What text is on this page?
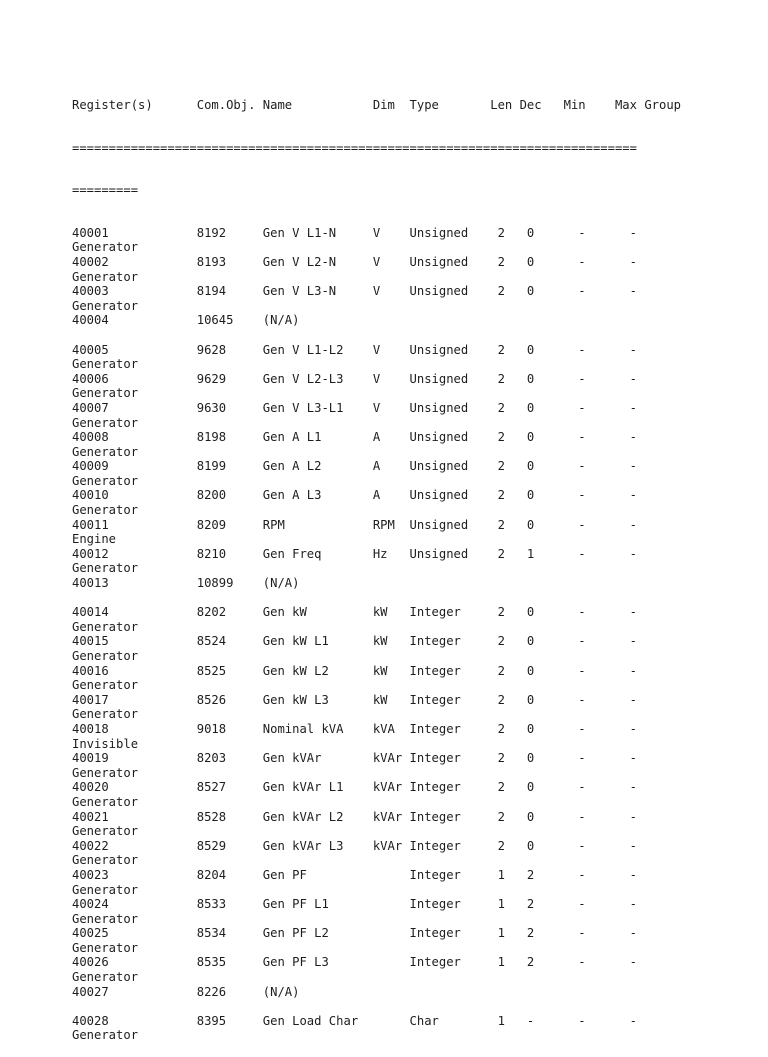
Register(s)      Com.Obj. Name           Dim  Type       Len Dec   Min    Max Group

=============================================================================

=========

40001            8192     Gen V L1-N     V    Unsigned    2   0      -      -
Generator
40002            8193     Gen V L2-N     V    Unsigned    2   0      -      -
Generator
40003            8194     Gen V L3-N     V    Unsigned    2   0      -      -
Generator
40004            10645    (N/A)
40005            9628     Gen V L1-L2    V    Unsigned    2   0      -      -
Generator
40006            9629     Gen V L2-L3    V    Unsigned    2   0      -      -
Generator
40007            9630     Gen V L3-L1    V    Unsigned    2   0      -      -
Generator
40008            8198     Gen A L1       A    Unsigned    2   0      -      -
Generator
40009            8199     Gen A L2       A    Unsigned    2   0      -      -
Generator
40010            8200     Gen A L3       A    Unsigned    2   0      -      -
Generator
40011            8209     RPM            RPM  Unsigned    2   0      -      -
Engine
40012            8210     Gen Freq       Hz   Unsigned    2   1      -      -
Generator
40013            10899    (N/A)
40014            8202     Gen kW         kW   Integer     2   0      -      -
Generator
40015            8524     Gen kW L1      kW   Integer     2   0      -      -
Generator
40016            8525     Gen kW L2      kW   Integer     2   0      -      -
Generator
40017            8526     Gen kW L3      kW   Integer     2   0      -      -
Generator
40018            9018     Nominal kVA    kVA  Integer     2   0      -      -
Invisible
40019            8203     Gen kVAr       kVAr Integer     2   0      -      -
Generator
40020            8527     Gen kVAr L1    kVAr Integer     2   0      -      -
Generator
40021            8528     Gen kVAr L2    kVAr Integer     2   0      -      -
Generator
40022            8529     Gen kVAr L3    kVAr Integer     2   0      -      -
Generator
40023            8204     Gen PF              Integer     1   2      -      -
Generator
40024            8533     Gen PF L1           Integer     1   2      -      -
Generator
40025            8534     Gen PF L2           Integer     1   2      -      -
Generator
40026            8535     Gen PF L3           Integer     1   2      -      -
Generator
40027            8226     (N/A)
40028            8395     Gen Load Char       Char        1   -      -      -
Generator
